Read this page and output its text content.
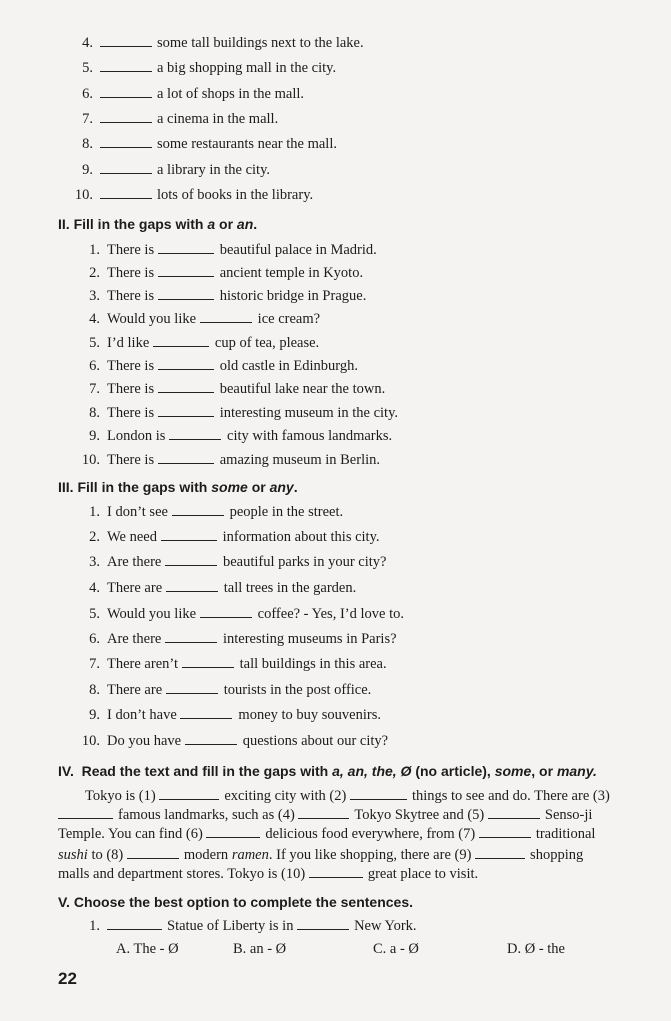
4.	some tall buildings next to the lake.
5.	a big shopping mall in the city.
6.	a lot of shops in the mall.
7.	a cinema in the mall.
8.	some restaurants near the mall.
9.	a library in the city.
10.	lots of books in the library.
II. Fill in the gaps with a or an.
1. There is	beautiful palace in Madrid.
2. There is	ancient temple in Kyoto.
3. There is	historic bridge in Prague.
4. Would you like	ice cream?
5. I’d like	cup of tea, please.
6. There is	old castle in Edinburgh.
7. There is	beautiful lake near the town.
8. There is	interesting museum in the city.
9. London is	city with famous landmarks.
10. There is	amazing museum in Berlin.
III. Fill in the gaps with some or any.
1. I don’t see	people in the street.
2. We need	information about this city.
3. Are there	beautiful parks in your city?
4. There are	tall trees in the garden.
5. Would you like	coffee? - Yes, I’d love to.
6. Are there	interesting museums in Paris?
7. There aren’t	tall buildings in this area.
8. There are	tourists in the post office.
9. I don’t have	money to buy souvenirs.
10. Do you have	questions about our city?
IV. Read the text and fill in the gaps with a, an, the, Ø (no article), some, or many.
Tokyo is (1)	exciting city with (2)	things to see and do. There are (3)
famous landmarks, such as (4)	Tokyo Skytree and (5)	Senso-ji
Temple. You can find (6)	delicious food everywhere, from (7)	traditional
sushi to (8)	modern ramen. If you like shopping, there are (9)	shopping
malls and department stores. Tokyo is (10)	great place to visit.
V. Choose the best option to complete the sentences.
1.	Statue of Liberty is in	New York.
A. The - Ø	B. an - Ø	C. a - Ø	D. Ø - the
22
